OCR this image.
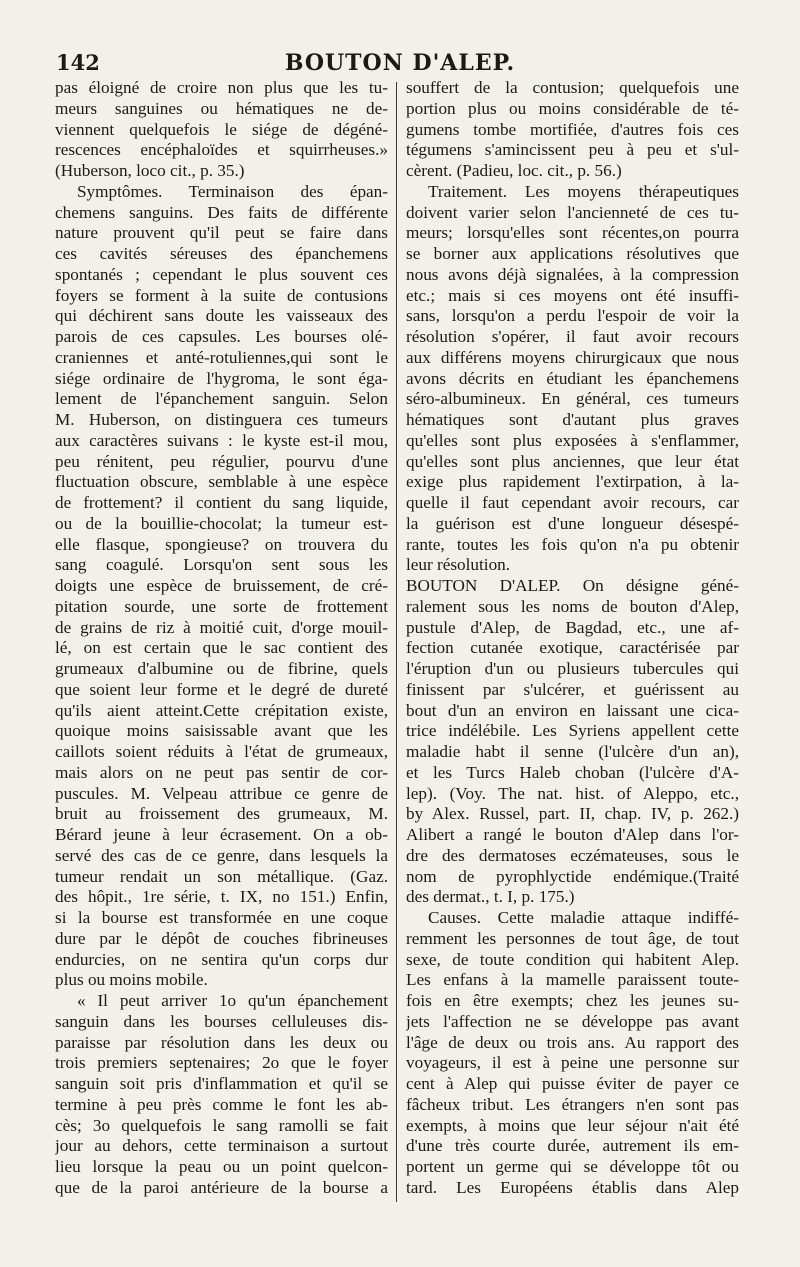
142	BOUTON D'ALEP.
pas éloigné de croire non plus que les tu-
meurs sanguines ou hématiques ne de-
viennent quelquefois le siége de dégéné-
rescences encéphaloïdes et squirrheuses.»
(Huberson, loco cit., p. 35.)
Symptômes. Terminaison des épan-
chemens sanguins. Des faits de différente
nature prouvent qu'il peut se faire dans
ces cavités séreuses des épanchemens
spontanés ; cependant le plus souvent ces
foyers se forment à la suite de contusions
qui déchirent sans doute les vaisseaux des
parois de ces capsules. Les bourses olé-
craniennes et anté-rotuliennes,qui sont le
siége ordinaire de l'hygroma, le sont éga-
lement de l'épanchement sanguin. Selon
M. Huberson, on distinguera ces tumeurs
aux caractères suivans : le kyste est-il mou,
peu rénitent, peu régulier, pourvu d'une
fluctuation obscure, semblable à une espèce
de frottement? il contient du sang liquide,
ou de la bouillie-chocolat; la tumeur est-
elle flasque, spongieuse? on trouvera du
sang coagulé. Lorsqu'on sent sous les
doigts une espèce de bruissement, de cré-
pitation sourde, une sorte de frottement
de grains de riz à moitié cuit, d'orge mouil-
lé, on est certain que le sac contient des
grumeaux d'albumine ou de fibrine, quels
que soient leur forme et le degré de dureté
qu'ils aient atteint.Cette crépitation existe,
quoique moins saisissable avant que les
caillots soient réduits à l'état de grumeaux,
mais alors on ne peut pas sentir de cor-
puscules. M. Velpeau attribue ce genre de
bruit au froissement des grumeaux, M.
Bérard jeune à leur écrasement. On a ob-
servé des cas de ce genre, dans lesquels la
tumeur rendait un son métallique. (Gaz.
des hôpit., 1re série, t. IX, no 151.) Enfin,
si la bourse est transformée en une coque
dure par le dépôt de couches fibrineuses
endurcies, on ne sentira qu'un corps dur
plus ou moins mobile.
« Il peut arriver 1o qu'un épanchement
sanguin dans les bourses celluleuses dis-
paraisse par résolution dans les deux ou
trois premiers septenaires; 2o que le foyer
sanguin soit pris d'inflammation et qu'il se
termine à peu près comme le font les ab-
cès; 3o quelquefois le sang ramolli se fait
jour au dehors, cette terminaison a surtout
lieu lorsque la peau ou un point quelcon-
que de la paroi antérieure de la bourse a
souffert de la contusion; quelquefois une
portion plus ou moins considérable de té-
gumens tombe mortifiée, d'autres fois ces
tégumens s'amincissent peu à peu et s'ul-
cèrent. (Padieu, loc. cit., p. 56.)
Traitement. Les moyens thérapeutiques
doivent varier selon l'ancienneté de ces tu-
meurs; lorsqu'elles sont récentes,on pourra
se borner aux applications résolutives que
nous avons déjà signalées, à la compression
etc.; mais si ces moyens ont été insuffi-
sans, lorsqu'on a perdu l'espoir de voir la
résolution s'opérer, il faut avoir recours
aux différens moyens chirurgicaux que nous
avons décrits en étudiant les épanchemens
séro-albumineux. En général, ces tumeurs
hématiques sont d'autant plus graves
qu'elles sont plus exposées à s'enflammer,
qu'elles sont plus anciennes, que leur état
exige plus rapidement l'extirpation, à la-
quelle il faut cependant avoir recours, car
la guérison est d'une longueur désespé-
rante, toutes les fois qu'on n'a pu obtenir
leur résolution.
BOUTON D'ALEP. On désigne géné-
ralement sous les noms de bouton d'Alep,
pustule d'Alep, de Bagdad, etc., une af-
fection cutanée exotique, caractérisée par
l'éruption d'un ou plusieurs tubercules qui
finissent par s'ulcérer, et guérissent au
bout d'un an environ en laissant une cica-
trice indélébile. Les Syriens appellent cette
maladie habt il senne (l'ulcère d'un an),
et les Turcs Haleb choban (l'ulcère d'A-
lep). (Voy. The nat. hist. of Aleppo, etc.,
by Alex. Russel, part. II, chap. IV, p. 262.)
Alibert a rangé le bouton d'Alep dans l'or-
dre des dermatoses eczémateuses, sous le
nom de pyrophlyctide endémique.(Traité
des dermat., t. I, p. 175.)
Causes. Cette maladie attaque indiffé-
remment les personnes de tout âge, de tout
sexe, de toute condition qui habitent Alep.
Les enfans à la mamelle paraissent toute-
fois en être exempts; chez les jeunes su-
jets l'affection ne se développe pas avant
l'âge de deux ou trois ans. Au rapport des
voyageurs, il est à peine une personne sur
cent à Alep qui puisse éviter de payer ce
fâcheux tribut. Les étrangers n'en sont pas
exempts, à moins que leur séjour n'ait été
d'une très courte durée, autrement ils em-
portent un germe qui se développe tôt ou
tard. Les Européens établis dans Alep
